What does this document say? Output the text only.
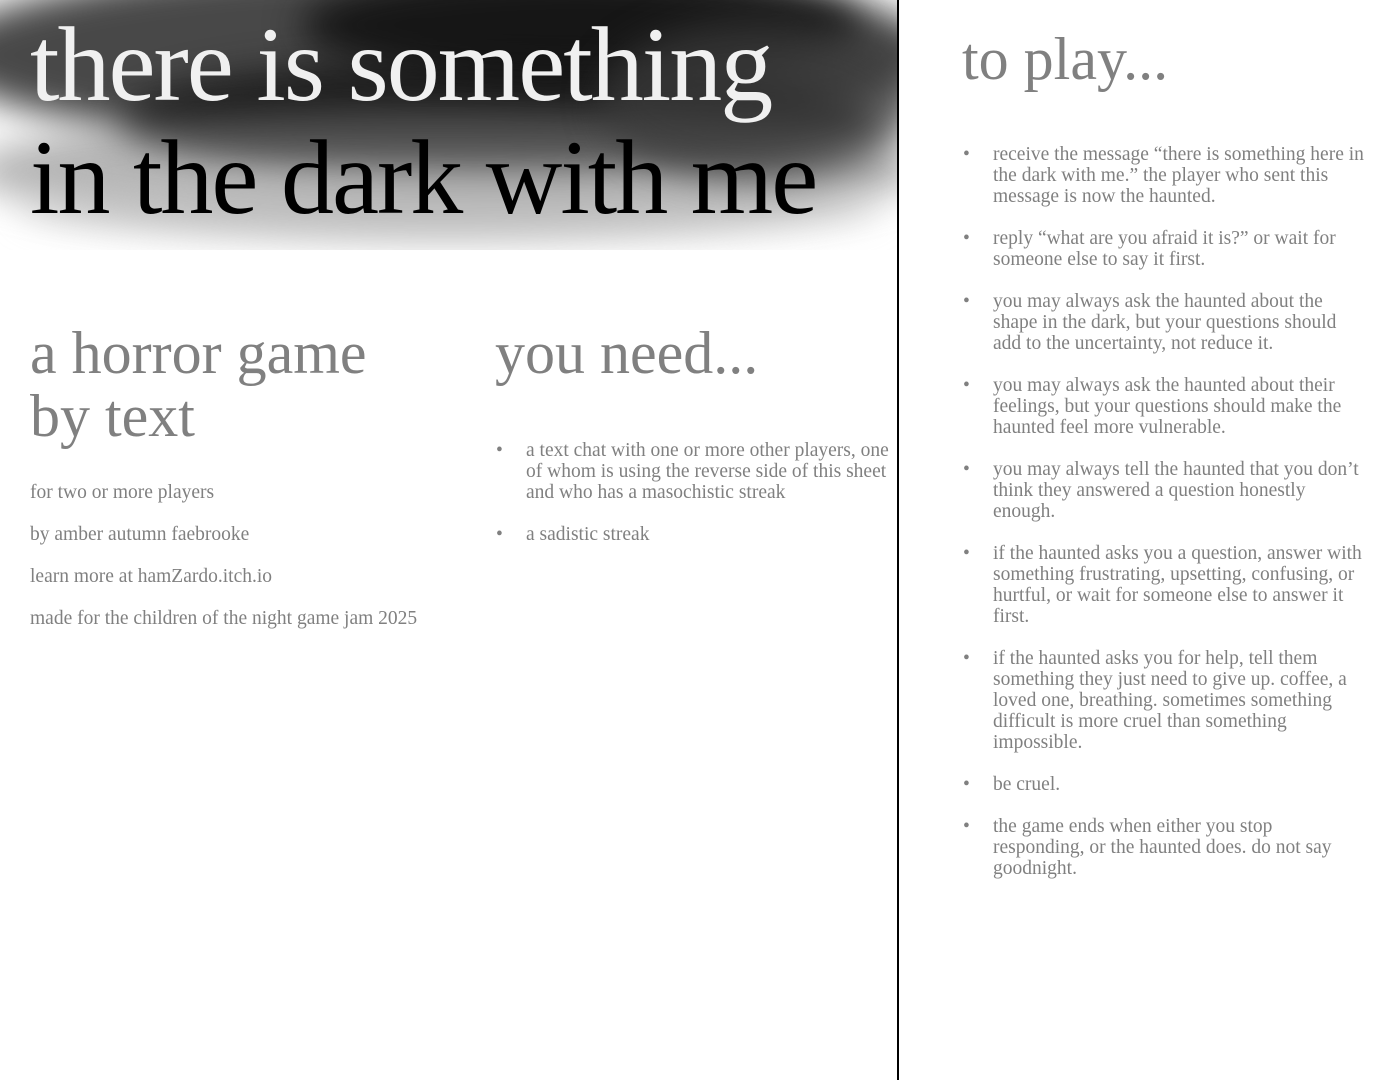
there is something
in the dark with me
a horror game
by text

for two or more players

by amber autumn faebrooke

learn more at hamZardo.itch.io

made for the children of the night game jam 2025

you need...
• a text chat with one or more other players, one of whom is using the reverse side of this sheet and who has a masochistic streak
• a sadistic streak
to play...
• receive the message “there is something here in the dark with me.” the player who sent this message is now the haunted.
• reply “what are you afraid it is?” or wait for someone else to say it first.
• you may always ask the haunted about the shape in the dark, but your questions should add to the uncertainty, not reduce it.
• you may always ask the haunted about their feelings, but your questions should make the haunted feel more vulnerable.
• you may always tell the haunted that you don’t think they answered a question honestly enough.
• if the haunted asks you a question, answer with something frustrating, upsetting, confusing, or hurtful, or wait for someone else to answer it first.
• if the haunted asks you for help, tell them something they just need to give up. coffee, a loved one, breathing. sometimes something difficult is more cruel than something impossible.
• be cruel.
• the game ends when either you stop responding, or the haunted does. do not say goodnight.
